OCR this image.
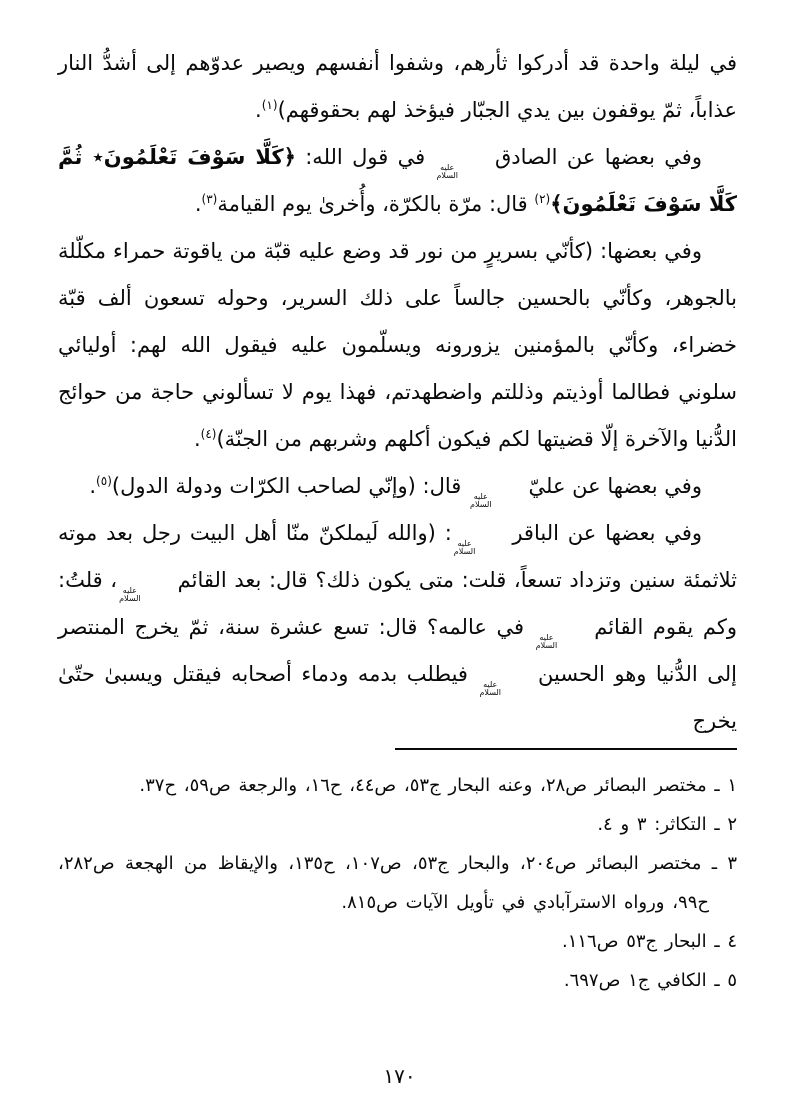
في ليلة واحدة قد أدركوا ثأرهم، وشفوا أنفسهم ويصير عدوّهم إلى أشدُّ النار عذاباً، ثمّ يوقفون بين يدي الجبّار فيؤخذ لهم بحقوقهم)$^{(١)}$.

وفي بعضها عن الصادق
عليه
السلام
في قول الله: ﴿كَلَّا سَوْفَ تَعْلَمُونَ٭ ثُمَّ كَلَّا سَوْفَ تَعْلَمُونَ﴾$^{(٢)}$ قال: مرّة بالكرّة، وأُخرىٰ يوم القيامة$^{(٣)}$.

وفي بعضها: (كأنّي بسريرٍ من نور قد وضع عليه قبّة من ياقوتة حمراء مكلّلة بالجوهر، وكأنّي بالحسين جالساً على ذلك السرير، وحوله تسعون ألف قبّة خضراء، وكأنّي بالمؤمنين يزورونه ويسلّمون عليه فيقول الله لهم: أوليائي سلوني فطالما أوذيتم وذللتم واضطهدتم، فهذا يوم لا تسألوني حاجة من حوائج الدُّنيا والآخرة إلّا قضيتها لكم فيكون أكلهم وشربهم من الجنّة)$^{(٤)}$.

وفي بعضها عن عليّ
عليه
السلام
قال: (وإنّي لصاحب الكرّات ودولة الدول)$^{(٥)}$.

وفي بعضها عن الباقر
عليه
السلام
: (والله لَيملكنّ منّا أهل البيت رجل بعد موته ثلاثمئة سنين وتزداد تسعاً، قلت: متى يكون ذلك؟ قال: بعد القائم
عليه
السلام
، قلتُ: وكم يقوم القائم
عليه
السلام
في عالمه؟ قال: تسع عشرة سنة، ثمّ يخرج المنتصر إلى الدُّنيا وهو الحسين
عليه
السلام
فيطلب بدمه ودماء أصحابه فيقتل ويسبىٰ حتّىٰ يخرج

١ ـ مختصر البصائر ص٢٨، وعنه البحار ج٥٣، ص٤٤، ح١٦، والرجعة ص٥٩، ح٣٧.
٢ ـ التكاثر: ٣ و ٤.
٣ ـ مختصر البصائر ص٢٠٤، والبحار ج٥٣، ص١٠٧، ح١٣٥، والإيقاظ من الهجعة ص٢٨٢، ح٩٩، ورواه الاسترآبادي في تأويل الآيات ص٨١٥.
٤ ـ البحار ج٥٣ ص١١٦.
٥ ـ الكافي ج١ ص٦٩٧.
١٧٠
